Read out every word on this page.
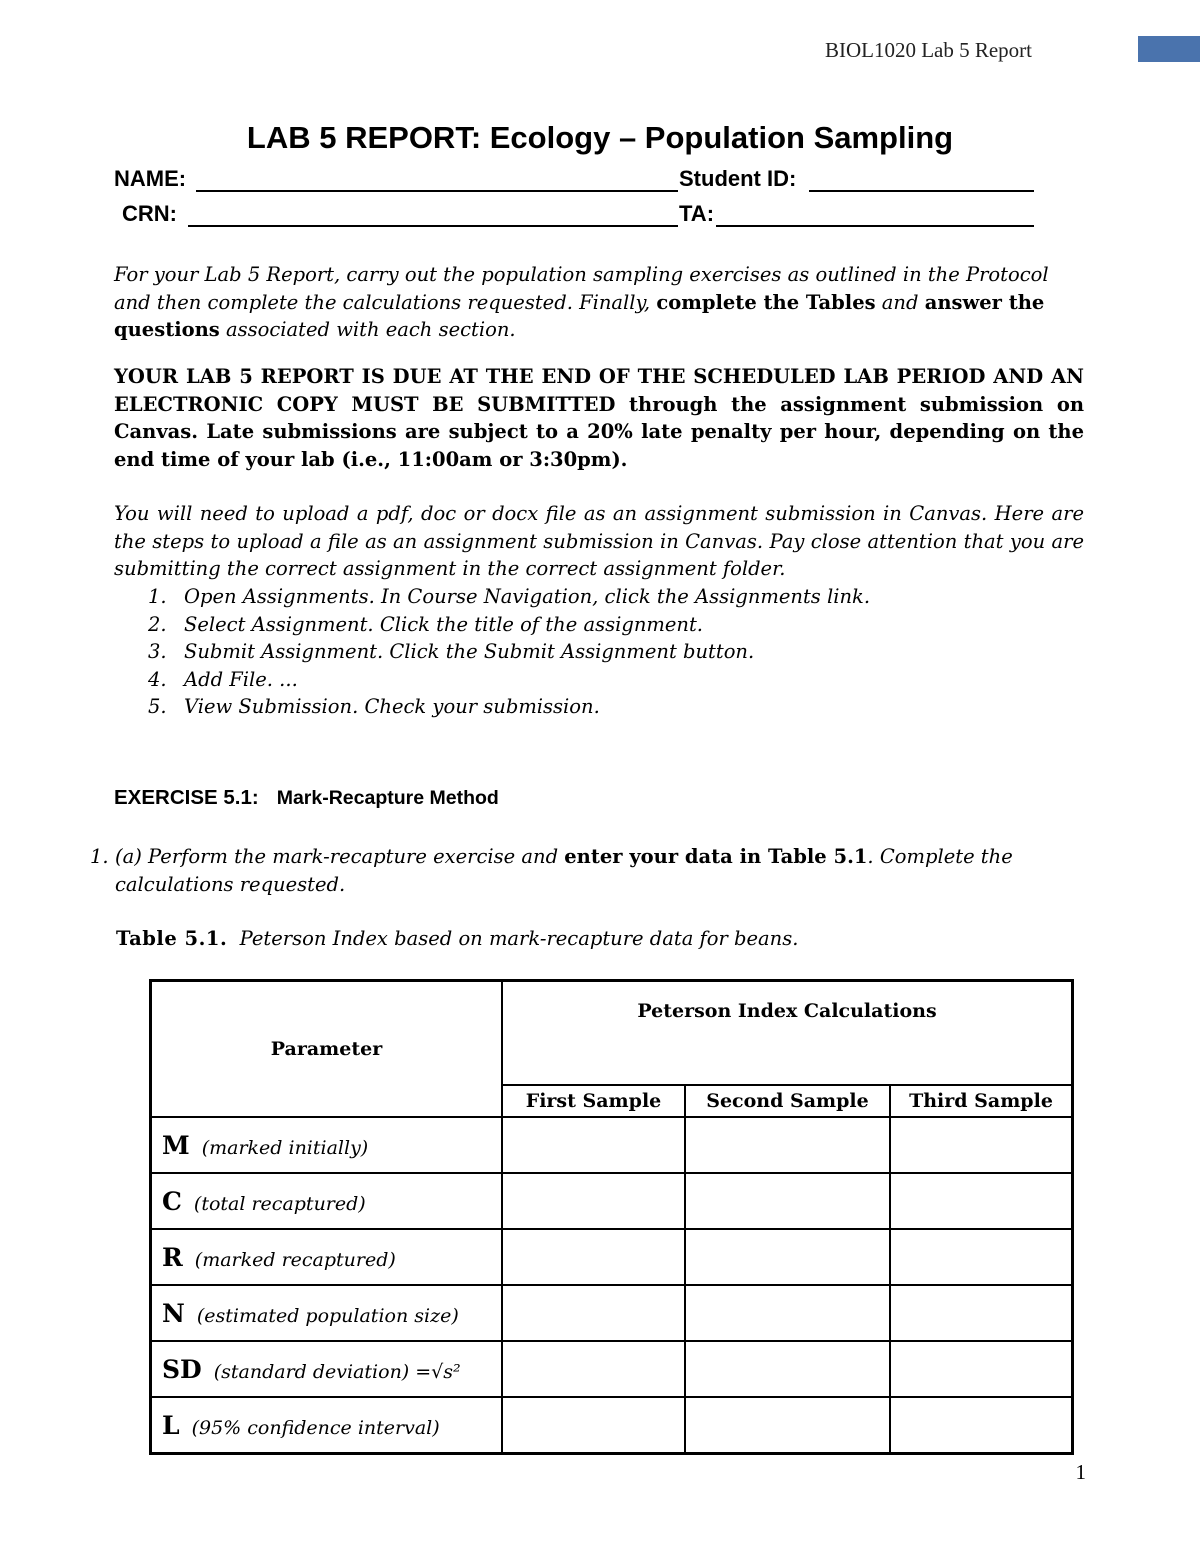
BIOL1020 Lab 5 Report
LAB 5 REPORT: Ecology – Population Sampling
NAME:	Student ID:
CRN:	TA:
For your Lab 5 Report, carry out the population sampling exercises as outlined in the Protocol and then complete the calculations requested. Finally, complete the Tables and answer the questions associated with each section.
YOUR LAB 5 REPORT IS DUE AT THE END OF THE SCHEDULED LAB PERIOD AND AN ELECTRONIC COPY MUST BE SUBMITTED through the assignment submission on Canvas. Late submissions are subject to a 20% late penalty per hour, depending on the end time of your lab (i.e., 11:00am or 3:30pm).
You will need to upload a pdf, doc or docx file as an assignment submission in Canvas. Here are the steps to upload a file as an assignment submission in Canvas. Pay close attention that you are submitting the correct assignment in the correct assignment folder.
1. Open Assignments. In Course Navigation, click the Assignments link.
2. Select Assignment. Click the title of the assignment.
3. Submit Assignment. Click the Submit Assignment button.
4. Add File. ...
5. View Submission. Check your submission.
EXERCISE 5.1: Mark-Recapture Method
1. (a) Perform the mark-recapture exercise and enter your data in Table 5.1. Complete the calculations requested.
Table 5.1. Peterson Index based on mark-recapture data for beans.
Parameter	Peterson Index Calculations		
	First Sample	Second Sample	Third Sample
M (marked initially)			
C (total recaptured)			
R (marked recaptured)			
N (estimated population size)			
SD (standard deviation) =√s²			
L (95% confidence interval)			
1
